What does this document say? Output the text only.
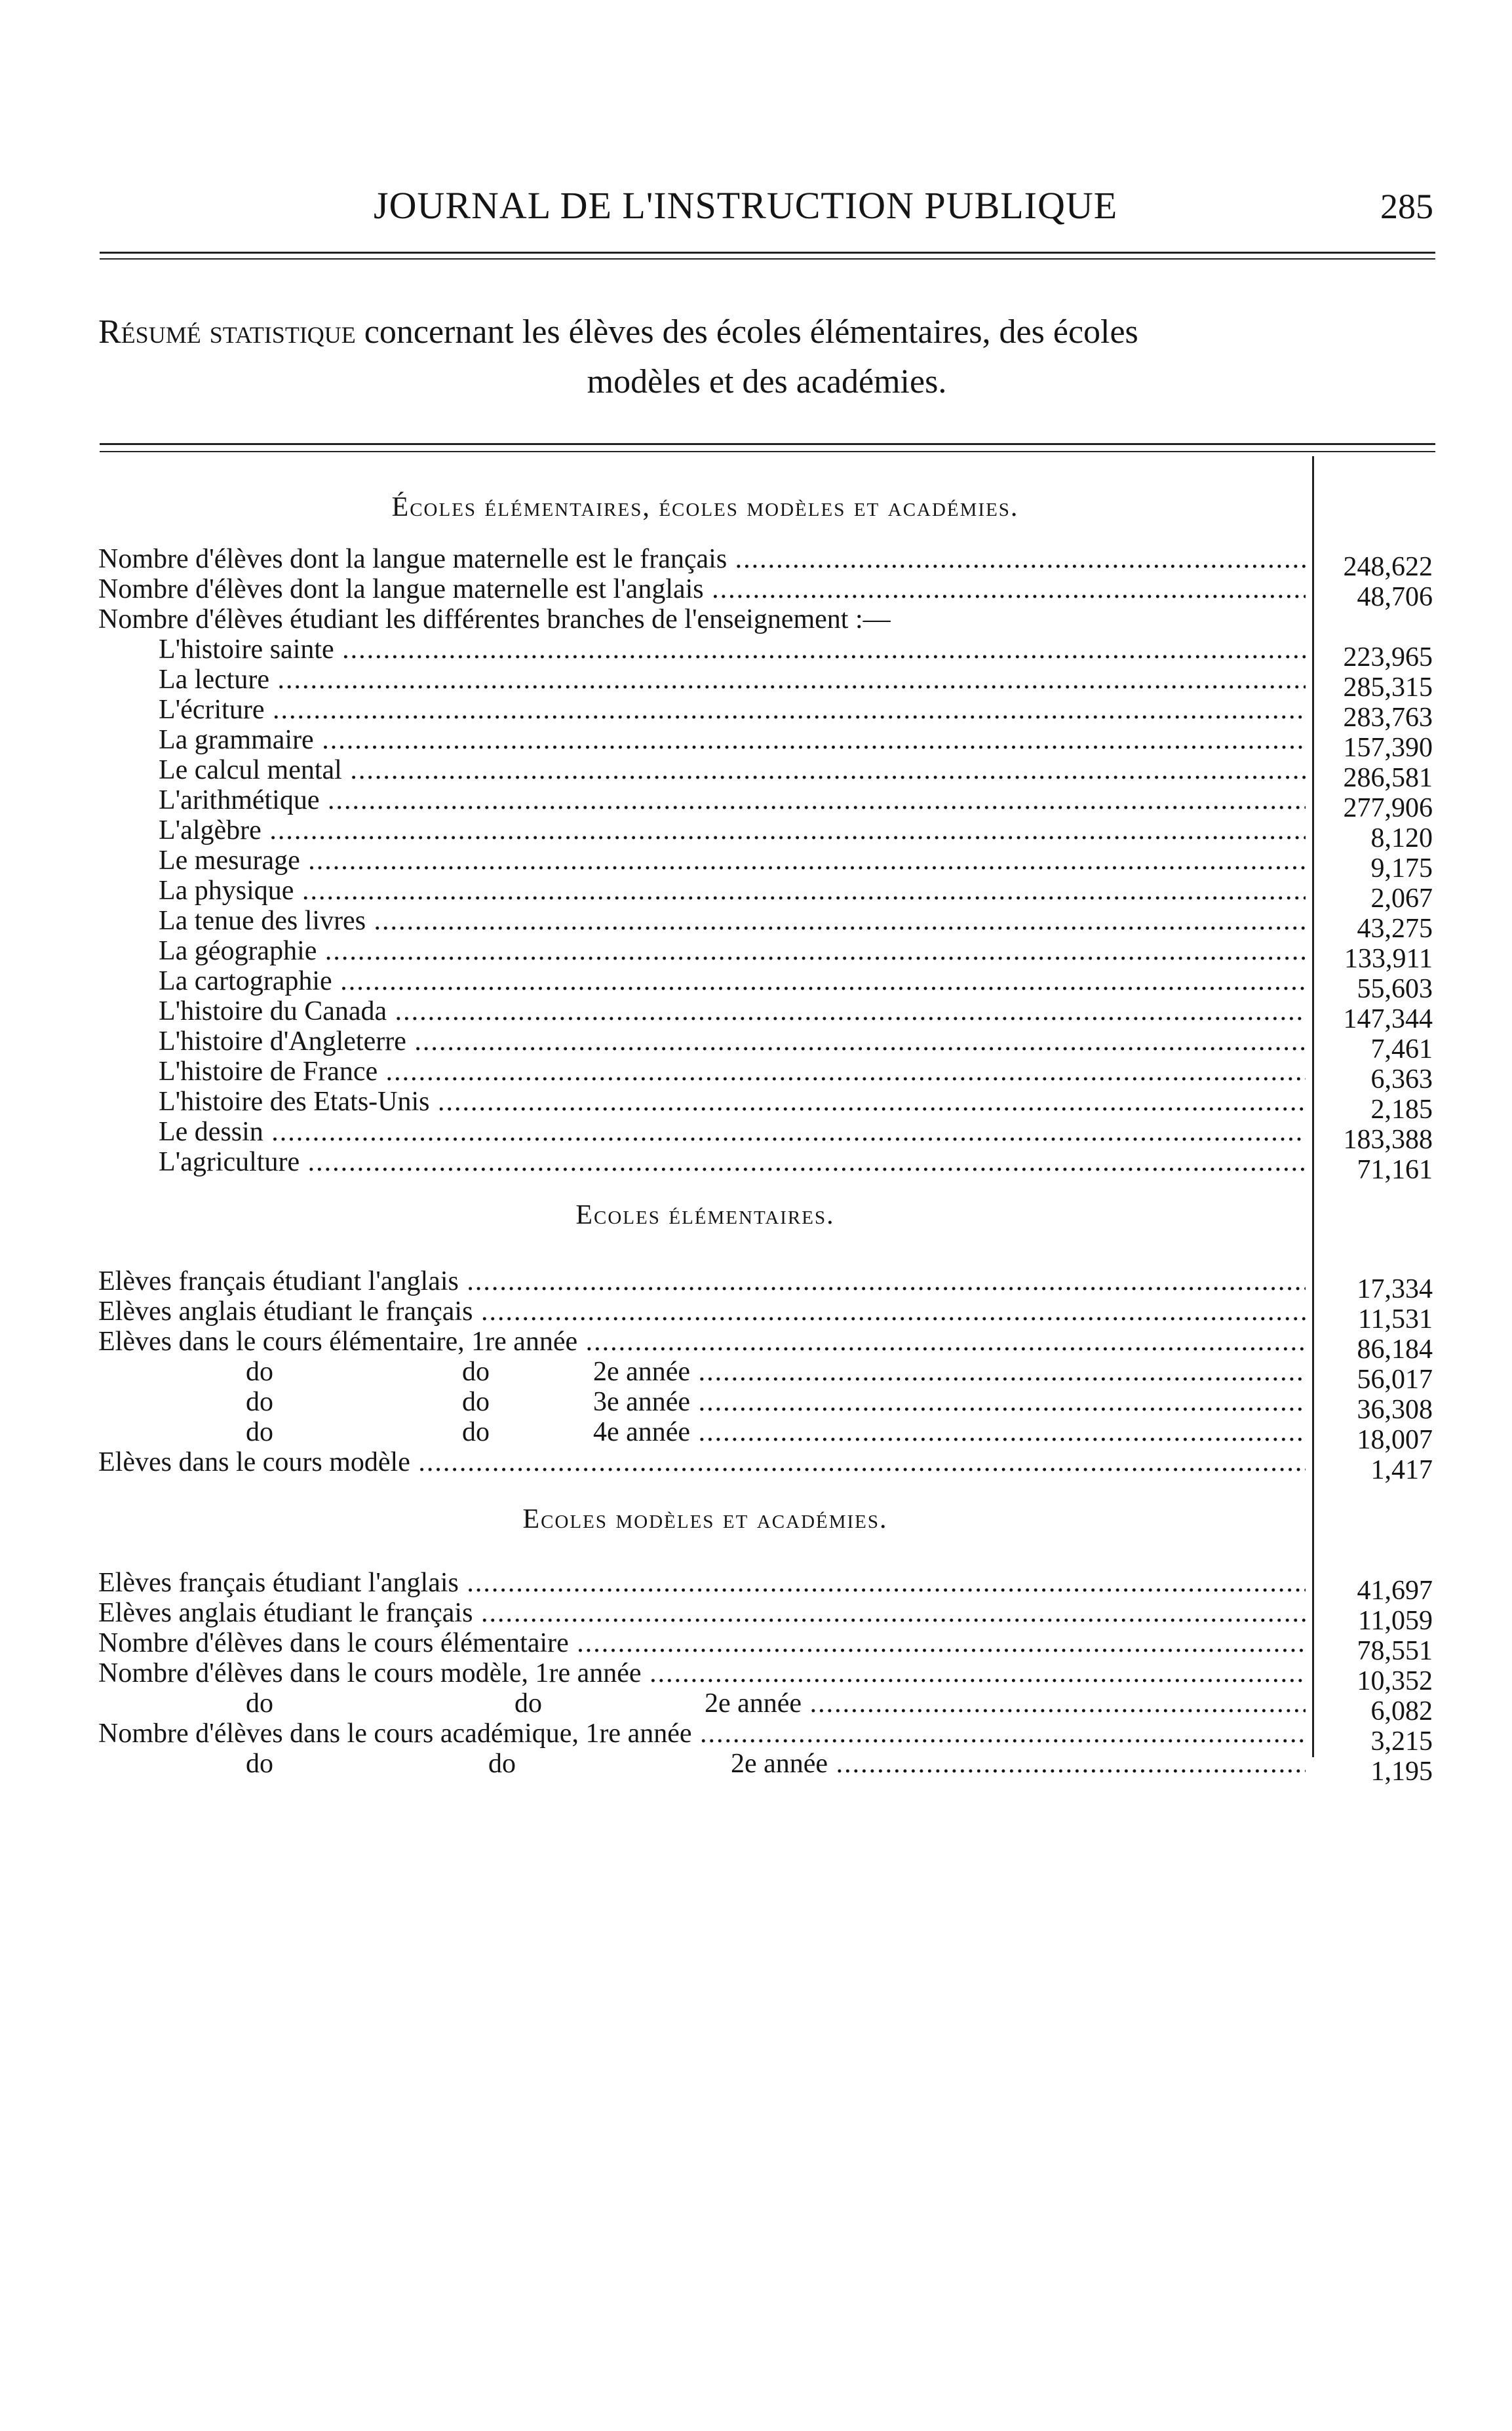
JOURNAL DE L'INSTRUCTION PUBLIQUE	285
Résumé statistique concernant les élèves des écoles élémentaires, des écoles
modèles et des académies.
Écoles élémentaires, écoles modèles et académies.
Nombre d'élèves dont la langue maternelle est le français .....	248,622
Nombre d'élèves dont la langue maternelle est l'anglais .....	48,706
Nombre d'élèves étudiant les différentes branches de l'enseignement :—
L'histoire sainte .....	223,965
La lecture .....	285,315
L'écriture .....	283,763
La grammaire .....	157,390
Le calcul mental .....	286,581
L'arithmétique .....	277,906
L'algèbre .....	8,120
Le mesurage .....	9,175
La physique .....	2,067
La tenue des livres .....	43,275
La géographie .....	133,911
La cartographie .....	55,603
L'histoire du Canada .....	147,344
L'histoire d'Angleterre .....	7,461
L'histoire de France .....	6,363
L'histoire des Etats-Unis .....	2,185
Le dessin .....	183,388
L'agriculture .....	71,161
Ecoles élémentaires.
Elèves français étudiant l'anglais .....	17,334
Elèves anglais étudiant le français .....	11,531
Elèves dans le cours élémentaire, 1re année .....	86,184
do	do	2e année .....	56,017
do	do	3e année .....	36,308
do	do	4e année .....	18,007
Elèves dans le cours modèle .....	1,417
Ecoles modèles et académies.
Elèves français étudiant l'anglais .....	41,697
Elèves anglais étudiant le français .....	11,059
Nombre d'élèves dans le cours élémentaire .....	78,551
Nombre d'élèves dans le cours modèle, 1re année .....	10,352
do	do	2e année .....	6,082
Nombre d'élèves dans le cours académique, 1re année .....	3,215
do	do	2e année .....	1,195
